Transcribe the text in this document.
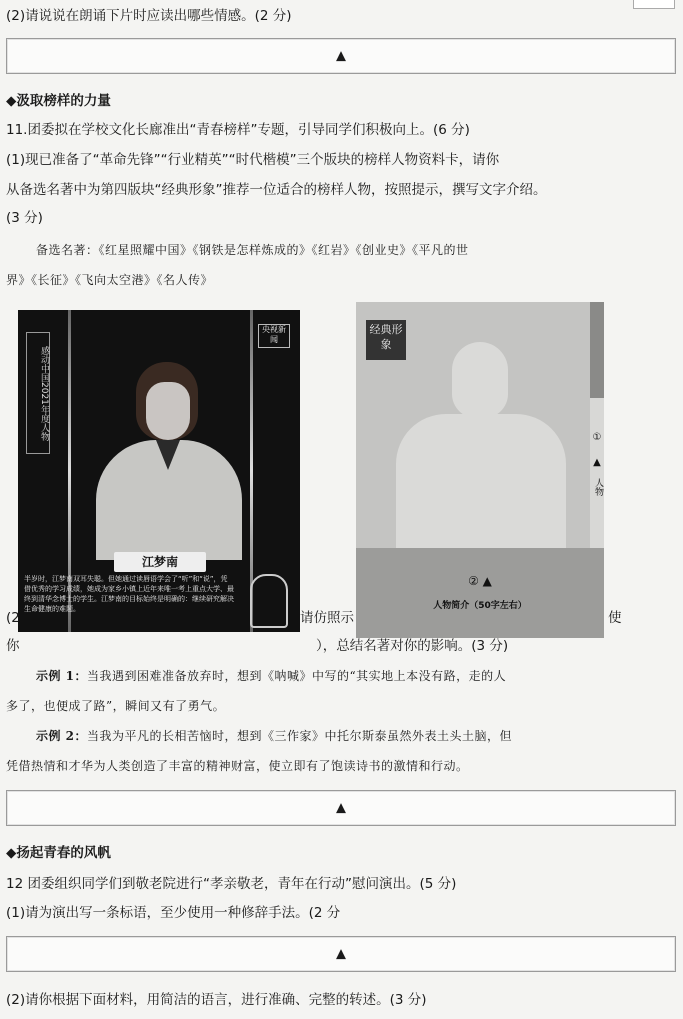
(2)请说说在朗诵下片时应读出哪些情感。(2 分)
▲
◆汲取榜样的力量
11.团委拟在学校文化长廊准出“青春榜样”专题，引导同学们积极向上。(6 分)
(1)现已准备了“革命先锋”“行业精英”“时代楷模”三个版块的榜样人物资料卡，请你
从备选名著中为第四版块“经典形象”推荐一位适合的榜样人物，按照提示，撰写文字介绍。
(3 分)
备选名著：《红星照耀中国》《钢铁是怎样炼成的》《红岩》《创业史》《平凡的世
界》《长征》《飞向太空港》《名人传》
感动中国2021年度人物
央视新闻
江梦南
半岁时，江梦南双耳失聪。但她通过读唇语学会了“听”和“说”，凭借优秀的学习成绩，她成为家乡小镇上近年来唯一考上重点大学、最终到清华念博士的学生。江梦南的目标始终是明确的：继续研究解决生命健康的难题。
经典形象
①
▲
人物
② ▲
人物简介（50字左右）
(2	请仿照示	使
你	），总结名著对你的影响。(3 分)
示例 1：当我遇到困难准备放弃时，想到《呐喊》中写的“其实地上本没有路，走的人
多了，也便成了路”，瞬间又有了勇气。
示例 2：当我为平凡的长相苦恼时，想到《三作家》中托尔斯泰虽然外表土头土脑，但
凭借热情和才华为人类创造了丰富的精神财富，使立即有了饱读诗书的激情和行动。
▲
◆扬起青春的风帆
12 团委组织同学们到敬老院进行“孝亲敬老，青年在行动”慰问演出。(5 分)
(1)请为演出写一条标语，至少使用一种修辞手法。(2 分
▲
(2)请你根据下面材料，用简洁的语言，进行准确、完整的转述。(3 分)
